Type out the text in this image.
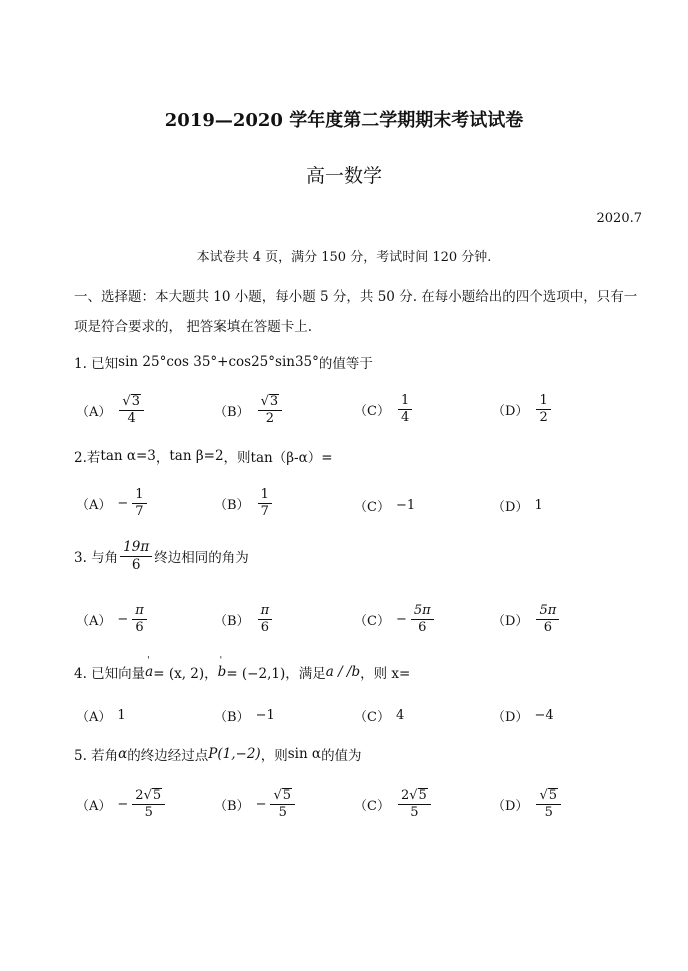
2019—2020 学年度第二学期期末考试试卷
高一数学
2020.7
本试卷共 4 页，满分 150 分，考试时间 120 分钟.
一、选择题：本大题共 10 小题，每小题 5 分，共 50 分. 在每小题给出的四个选项中，只有一项是符合要求的， 把答案填在答题卡上.
1. 已知 sin 25°cos 35°+cos25°sin35° 的值等于
$(A) \frac{√ 3}{4}$	$(B) \frac{√ 3}{2}$	$(C) \frac{1}{4}$	$(D) \frac{1}{2}$
2.若 tan α=3 ， tan β=2 ，则 tan（β-α）=
$(A) - \frac{1}{7}$	$(B) \frac{1}{7}$	（C） −1	（D） 1
3. 与角 $\frac{19\pi}{6}$ 终边相同的角为
$(A) - \frac{\pi}{6}$	$(B) \frac{\pi}{6}$	$(C) - \frac{5\pi}{6}$	$(D) \frac{5\pi}{6}$
4. 已知向量 ' a = (x, 2)， ' b = (−2,1)，满足 a / /b ，则 x=
（A） 1	（B） −1	（C） 4	（D） −4
5. 若角 α 的终边经过点 P(1,−2) ，则 sin α 的值为
$(A) - \frac{2 √ 5}{5}$	$(B) - \frac{√ 5}{5}$	$(C) \frac{2 √ 5}{5}$	$(D) \frac{√ 5}{5}$
